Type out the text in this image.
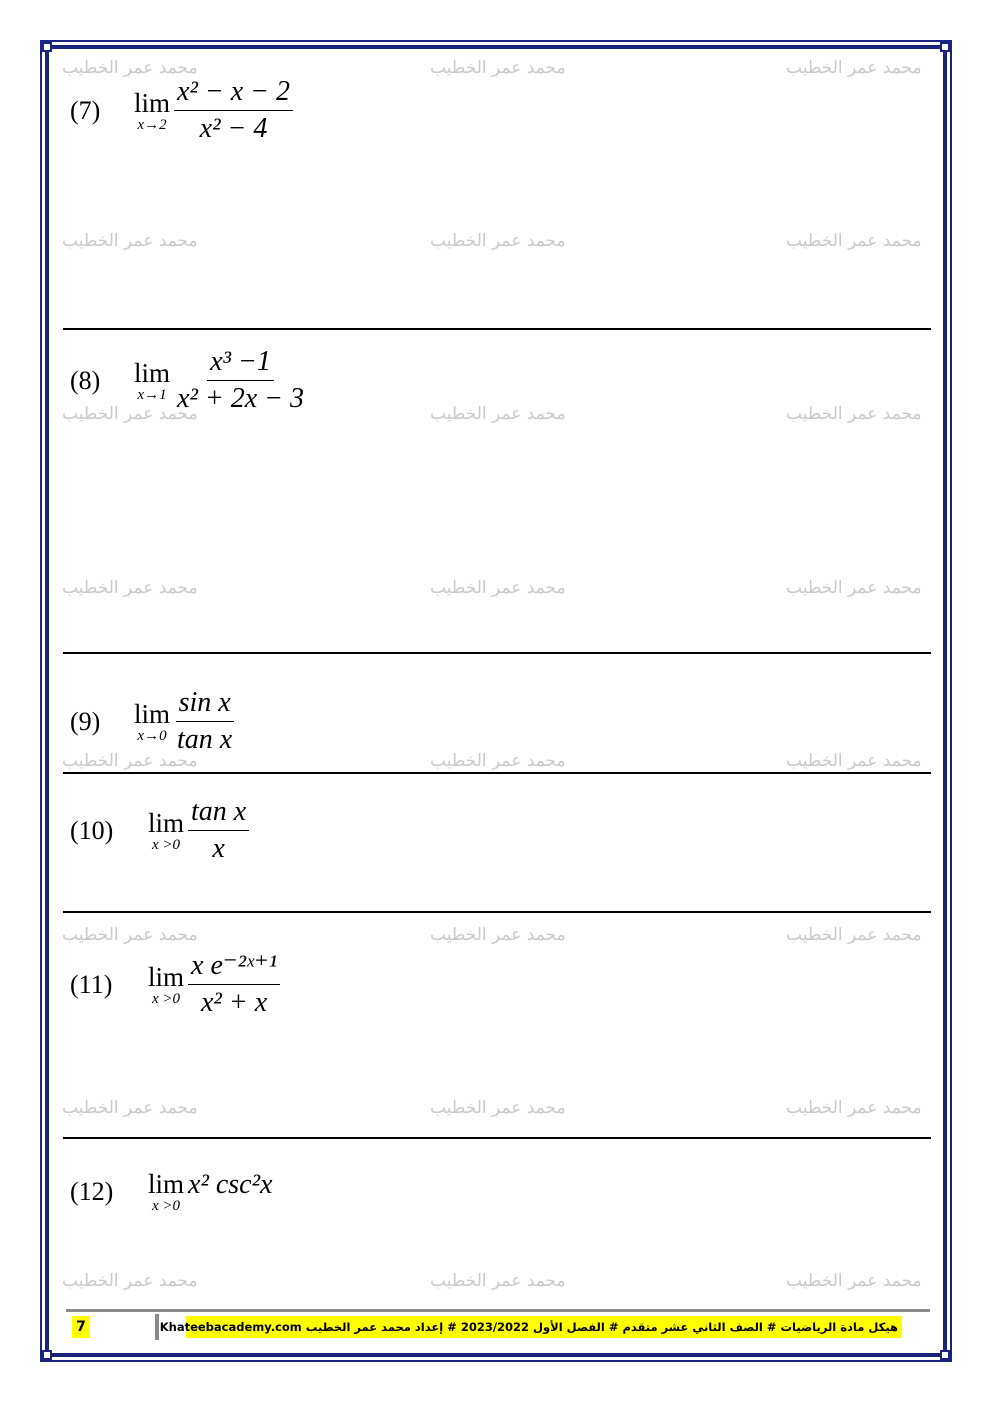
محمد عمر الخطيب	محمد عمر الخطيب	محمد عمر الخطيب
محمد عمر الخطيب	محمد عمر الخطيب	محمد عمر الخطيب
محمد عمر الخطيب	محمد عمر الخطيب	محمد عمر الخطيب
محمد عمر الخطيب	محمد عمر الخطيب	محمد عمر الخطيب
محمد عمر الخطيب	محمد عمر الخطيب	محمد عمر الخطيب
محمد عمر الخطيب	محمد عمر الخطيب	محمد عمر الخطيب
محمد عمر الخطيب	محمد عمر الخطيب	محمد عمر الخطيب
محمد عمر الخطيب	محمد عمر الخطيب	محمد عمر الخطيب
(7)	lim
$x\to 2 \frac{\text{x² − x − 2}}{\text{x² − 4}}$
(8)	lim
$x\to 1 \frac{\text{x³ −1}}{\text{x² + 2x − 3}}$
(9)	lim
$x\to 0 \frac{\text{sin x}}{\text{tan x}}$
(10)	lim
$x >0 \frac{\text{tan x}}{x}$
(11)	lim
$x >0 \frac{\text{x e⁻²ˣ⁺¹}}{\text{x² + x}}$
(12)	lim
x >0
x² csc²x
7	هيكل مادة الرياضيات # الصف الثاني عشر متقدم # الفصل الأول 2023/2022 # إعداد محمد عمر الخطيب Khateebacademy.com
